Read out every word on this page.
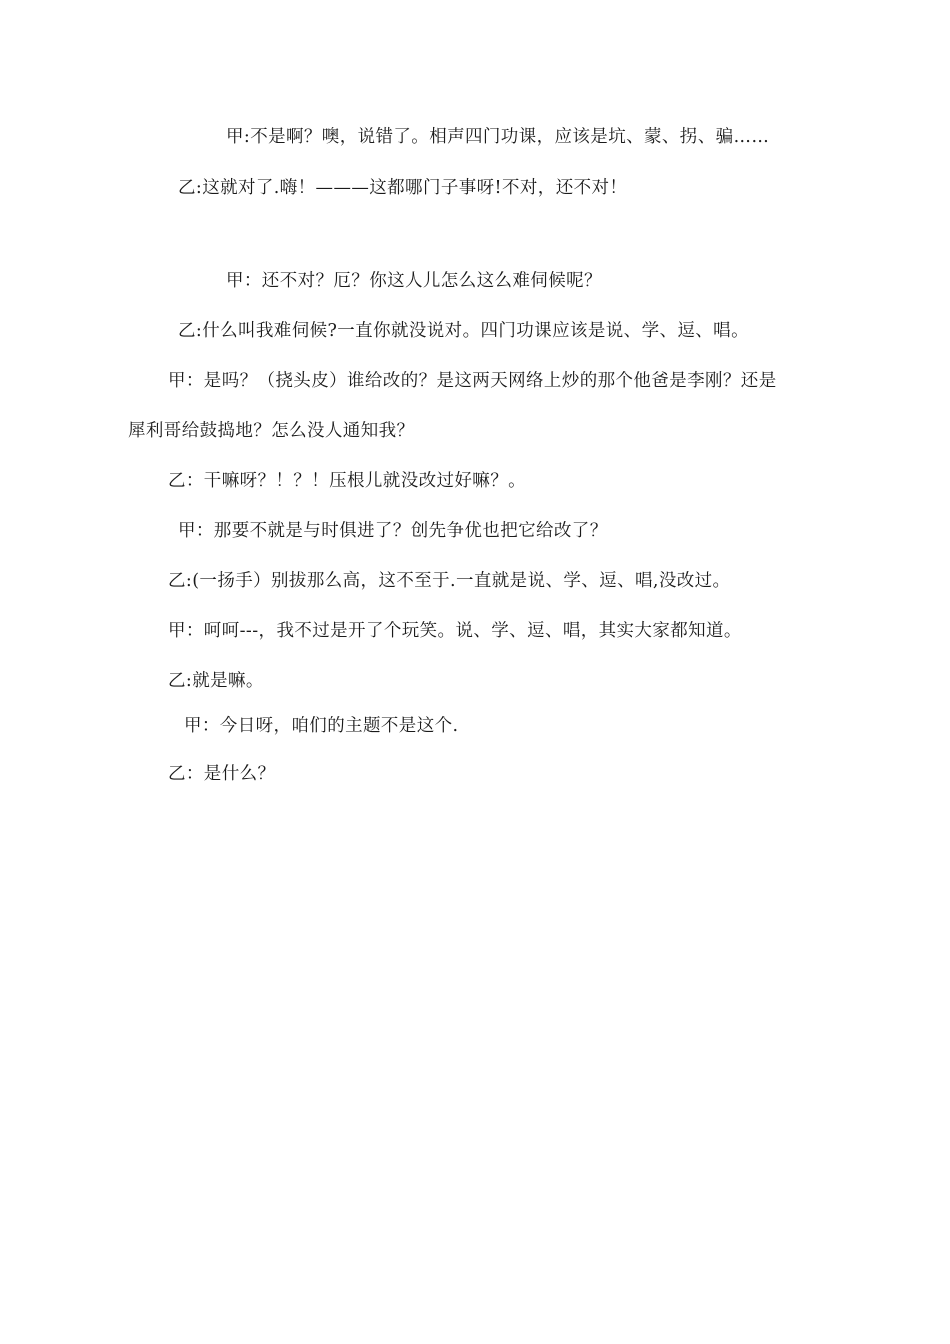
甲:不是啊？噢，说错了。相声四门功课，应该是坑、蒙、拐、骗……
乙:这就对了.嗨！———这都哪门子事呀!不对，还不对！
甲：还不对？厄？你这人儿怎么这么难伺候呢？
乙:什么叫我难伺候?一直你就没说对。四门功课应该是说、学、逗、唱。
甲：是吗？（挠头皮）谁给改的？是这两天网络上炒的那个他爸是李刚？还是
犀利哥给鼓捣地？怎么没人通知我？
乙：干嘛呀？！？！压根儿就没改过好嘛？。
甲：那要不就是与时俱进了？创先争优也把它给改了？
乙:(一扬手）别拔那么高，这不至于.一直就是说、学、逗、唱,没改过。
甲：呵呵---，我不过是开了个玩笑。说、学、逗、唱，其实大家都知道。
乙:就是嘛。
甲：今日呀，咱们的主题不是这个.
乙：是什么？
